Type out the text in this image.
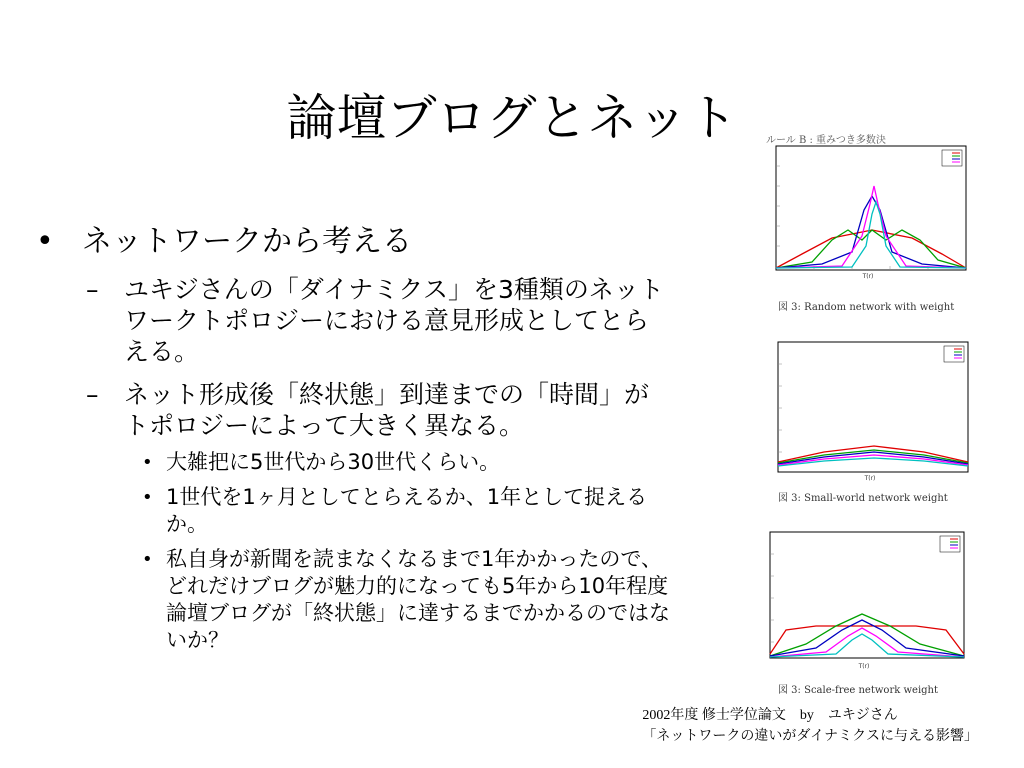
論壇ブログとネット
• ネットワークから考える
–	ユキジさんの「ダイナミクス」を3種類のネットワークトポロジーにおける意見形成としてとらえる。
–	ネット形成後「終状態」到達までの「時間」がトポロジーによって大きく異なる。
• 大雑把に5世代から30世代くらい。
• 1世代を1ヶ月としてとらえるか、1年として捉えるか。
• 私自身が新聞を読まなくなるまで1年かかったので、どれだけブログが魅力的になっても5年から10年程度論壇ブログが「終状態」に達するまでかかるのではないか？
T(r)
ルール B : 重みつき多数決
図 3: Random network with weight
T(r)
図 3: Small-world network weight
T(r)
図 3: Scale-free network weight
2002年度 修士学位論文　by　ユキジさん
「ネットワークの違いがダイナミクスに与える影響」
